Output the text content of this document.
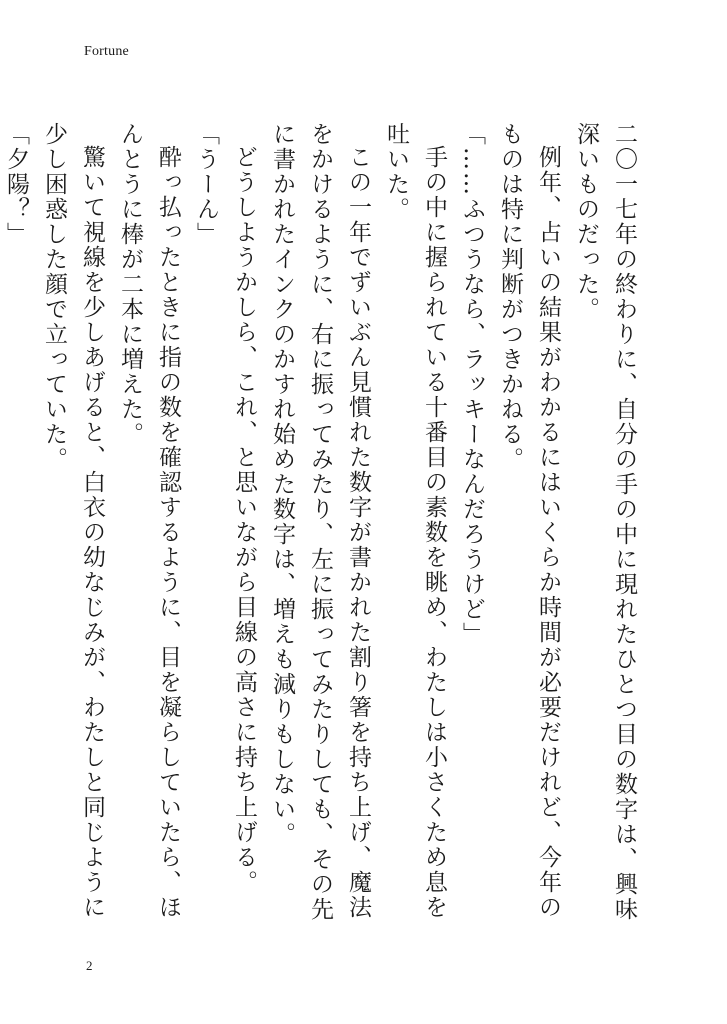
Fortune

二〇一七年の終わりに、自分の手の中に現れたひとつ目の数字は、興味深いものだった。

例年、占いの結果がわかるにはいくらか時間が必要だけれど、今年のものは特に判断がつきかねる。

「……ふつうなら、ラッキーなんだろうけど」

手の中に握られている十番目の素数を眺め、わたしは小さくため息を吐いた。

この一年でずいぶん見慣れた数字が書かれた割り箸を持ち上げ、魔法をかけるように、右に振ってみたり、左に振ってみたりしても、その先に書かれたインクのかすれ始めた数字は、増えも減りもしない。

どうしようかしら、これ、と思いながら目線の高さに持ち上げる。

「うーん」

酔っ払ったときに指の数を確認するように、目を凝らしていたら、ほんとうに棒が二本に増えた。

驚いて視線を少しあげると、白衣の幼なじみが、わたしと同じように少し困惑した顔で立っていた。

「夕陽？」

2
